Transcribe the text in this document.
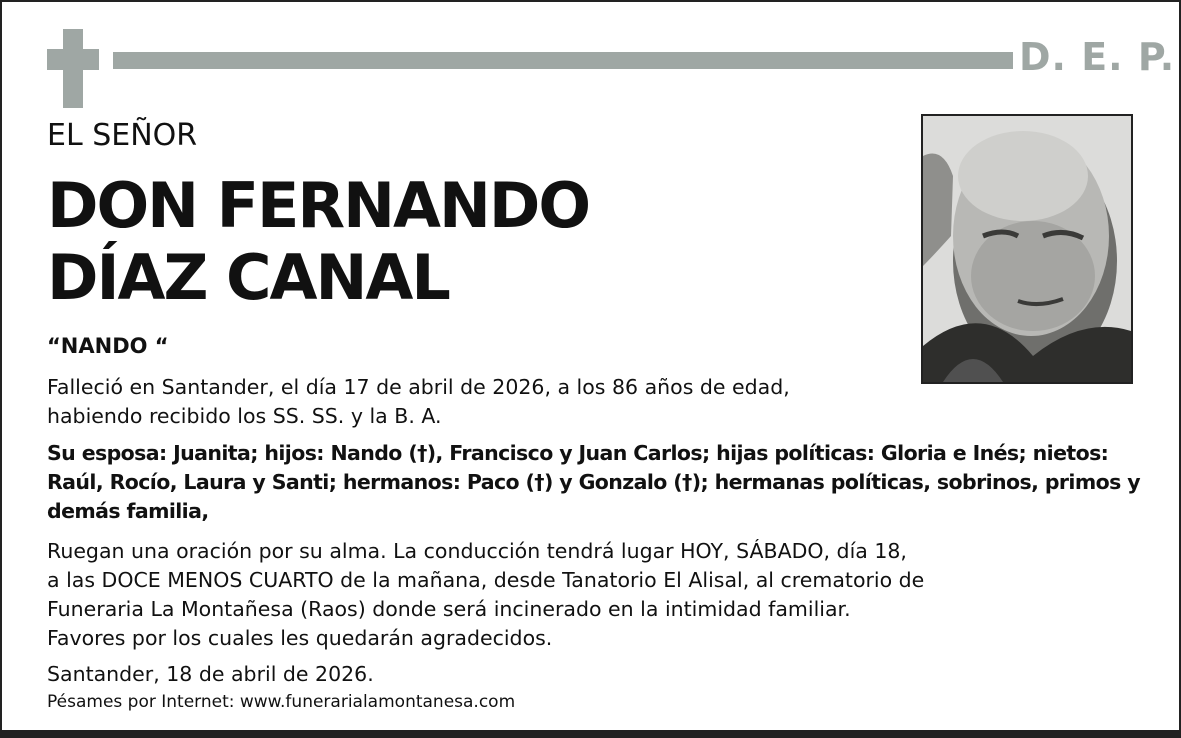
D. E. P.
EL SEÑOR
DON FERNANDO
DÍAZ CANAL
“NANDO “
Falleció en Santander, el día 17 de abril de 2026, a los 86 años de edad,
habiendo recibido los SS. SS. y la B. A.
Su esposa: Juanita; hijos: Nando (†), Francisco y Juan Carlos; hijas políticas: Gloria e Inés; nietos: Raúl, Rocío, Laura y Santi; hermanos: Paco (†) y Gonzalo (†); hermanas políticas, sobrinos, primos y demás familia,
Ruegan una oración por su alma. La conducción tendrá lugar HOY, SÁBADO, día 18,
a las DOCE MENOS CUARTO de la mañana, desde Tanatorio El Alisal, al crematorio de
Funeraria La Montañesa (Raos) donde será incinerado en la intimidad familiar.
Favores por los cuales les quedarán agradecidos.
Santander, 18 de abril de 2026.
Pésames por Internet: www.funerarialamontanesa.com
